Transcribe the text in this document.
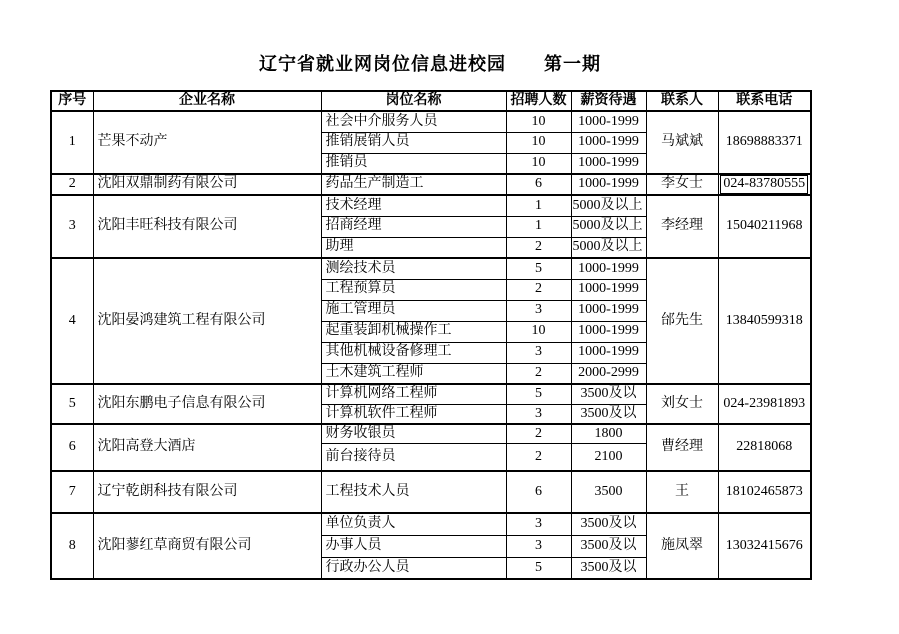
辽宁省就业网岗位信息进校园　　第一期
序号	企业名称	岗位名称	招聘人数	薪资待遇	联系人	联系电话
1	芒果不动产	社会中介服务人员	10	1000-1999	马斌斌	18698883371
		推销展销人员	10	1000-1999		
		推销员	10	1000-1999		
2	沈阳双鼎制药有限公司	药品生产制造工	6	1000-1999	李女士	024-83780555
3	沈阳丰旺科技有限公司	技术经理	1	5000及以上	李经理	15040211968
		招商经理	1	5000及以上		
		助理	2	5000及以上		
4	沈阳晏鸿建筑工程有限公司	测绘技术员	5	1000-1999	邰先生	13840599318
		工程预算员	2	1000-1999		
		施工管理员	3	1000-1999		
		起重装卸机械操作工	10	1000-1999		
		其他机械设备修理工	3	1000-1999		
		土木建筑工程师	2	2000-2999		
5	沈阳东鹏电子信息有限公司	计算机网络工程师	5	3500及以	刘女士	024-23981893
		计算机软件工程师	3	3500及以		
6	沈阳高登大酒店	财务收银员	2	1800	曹经理	22818068
		前台接待员	2	2100		
7	辽宁乾朗科技有限公司	工程技术人员	6	3500	王	18102465873
8	沈阳蓼红草商贸有限公司	单位负责人	3	3500及以	施凤翠	13032415676
		办事人员	3	3500及以		
		行政办公人员	5	3500及以		
